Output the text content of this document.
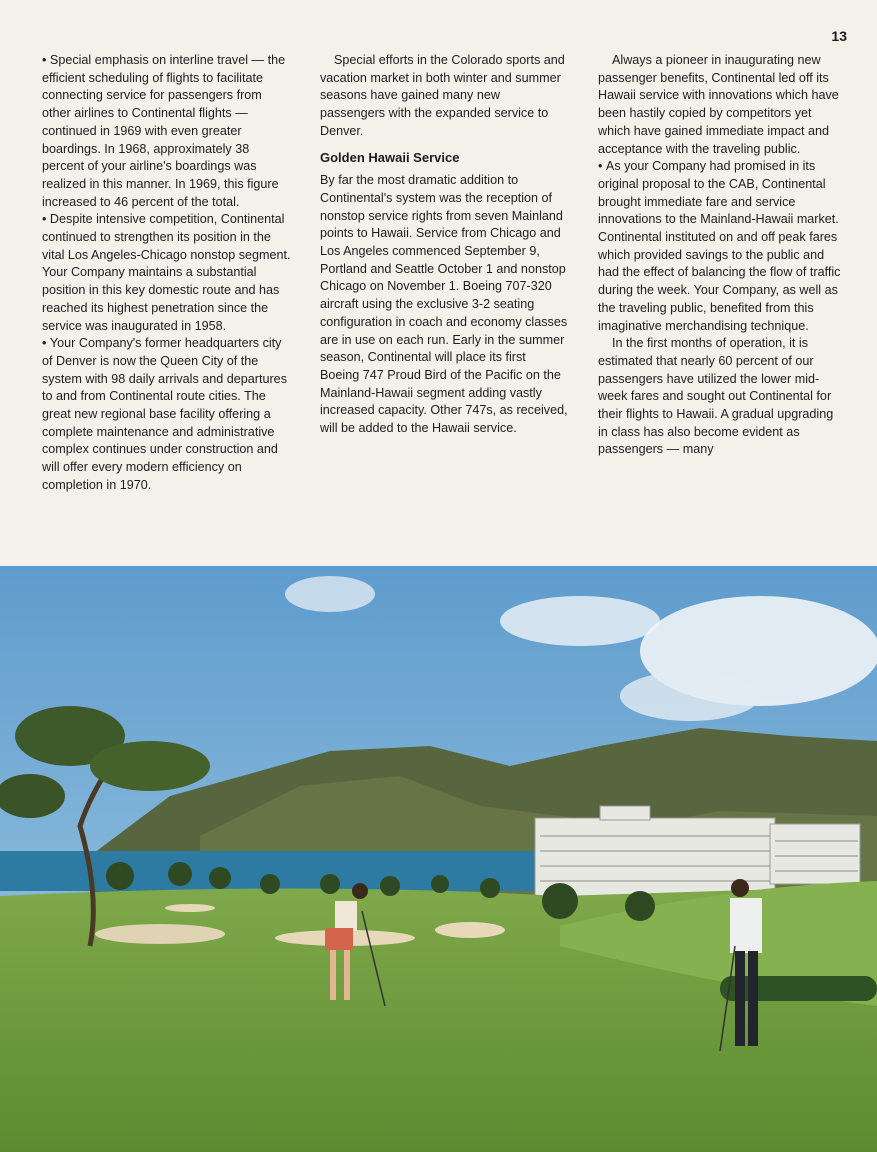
13

• Special emphasis on interline travel — the efficient scheduling of flights to facilitate connecting service for passengers from other airlines to Continental flights — continued in 1969 with even greater boardings. In 1968, approximately 38 percent of your airline's boardings was realized in this manner. In 1969, this figure increased to 46 percent of the total.

• Despite intensive competition, Continental continued to strengthen its position in the vital Los Angeles-Chicago nonstop segment. Your Company maintains a substantial position in this key domestic route and has reached its highest penetration since the service was inaugurated in 1958.

• Your Company's former headquarters city of Denver is now the Queen City of the system with 98 daily arrivals and departures to and from Continental route cities. The great new regional base facility offering a complete maintenance and administrative complex continues under construction and will offer every modern efficiency on completion in 1970.

Special efforts in the Colorado sports and vacation market in both winter and summer seasons have gained many new passengers with the expanded service to Denver.

Golden Hawaii Service

By far the most dramatic addition to Continental's system was the reception of nonstop service rights from seven Mainland points to Hawaii. Service from Chicago and Los Angeles commenced September 9, Portland and Seattle October 1 and nonstop Chicago on November 1. Boeing 707-320 aircraft using the exclusive 3-2 seating configuration in coach and economy classes are in use on each run. Early in the summer season, Continental will place its first Boeing 747 Proud Bird of the Pacific on the Mainland-Hawaii segment adding vastly increased capacity. Other 747s, as received, will be added to the Hawaii service.

Always a pioneer in inaugurating new passenger benefits, Continental led off its Hawaii service with innovations which have been hastily copied by competitors yet which have gained immediate impact and acceptance with the traveling public.

• As your Company had promised in its original proposal to the CAB, Continental brought immediate fare and service innovations to the Mainland-Hawaii market. Continental instituted on and off peak fares which provided savings to the public and had the effect of balancing the flow of traffic during the week. Your Company, as well as the traveling public, benefited from this imaginative merchandising technique.

In the first months of operation, it is estimated that nearly 60 percent of our passengers have utilized the lower mid-week fares and sought out Continental for their flights to Hawaii. A gradual upgrading in class has also become evident as passengers — many
